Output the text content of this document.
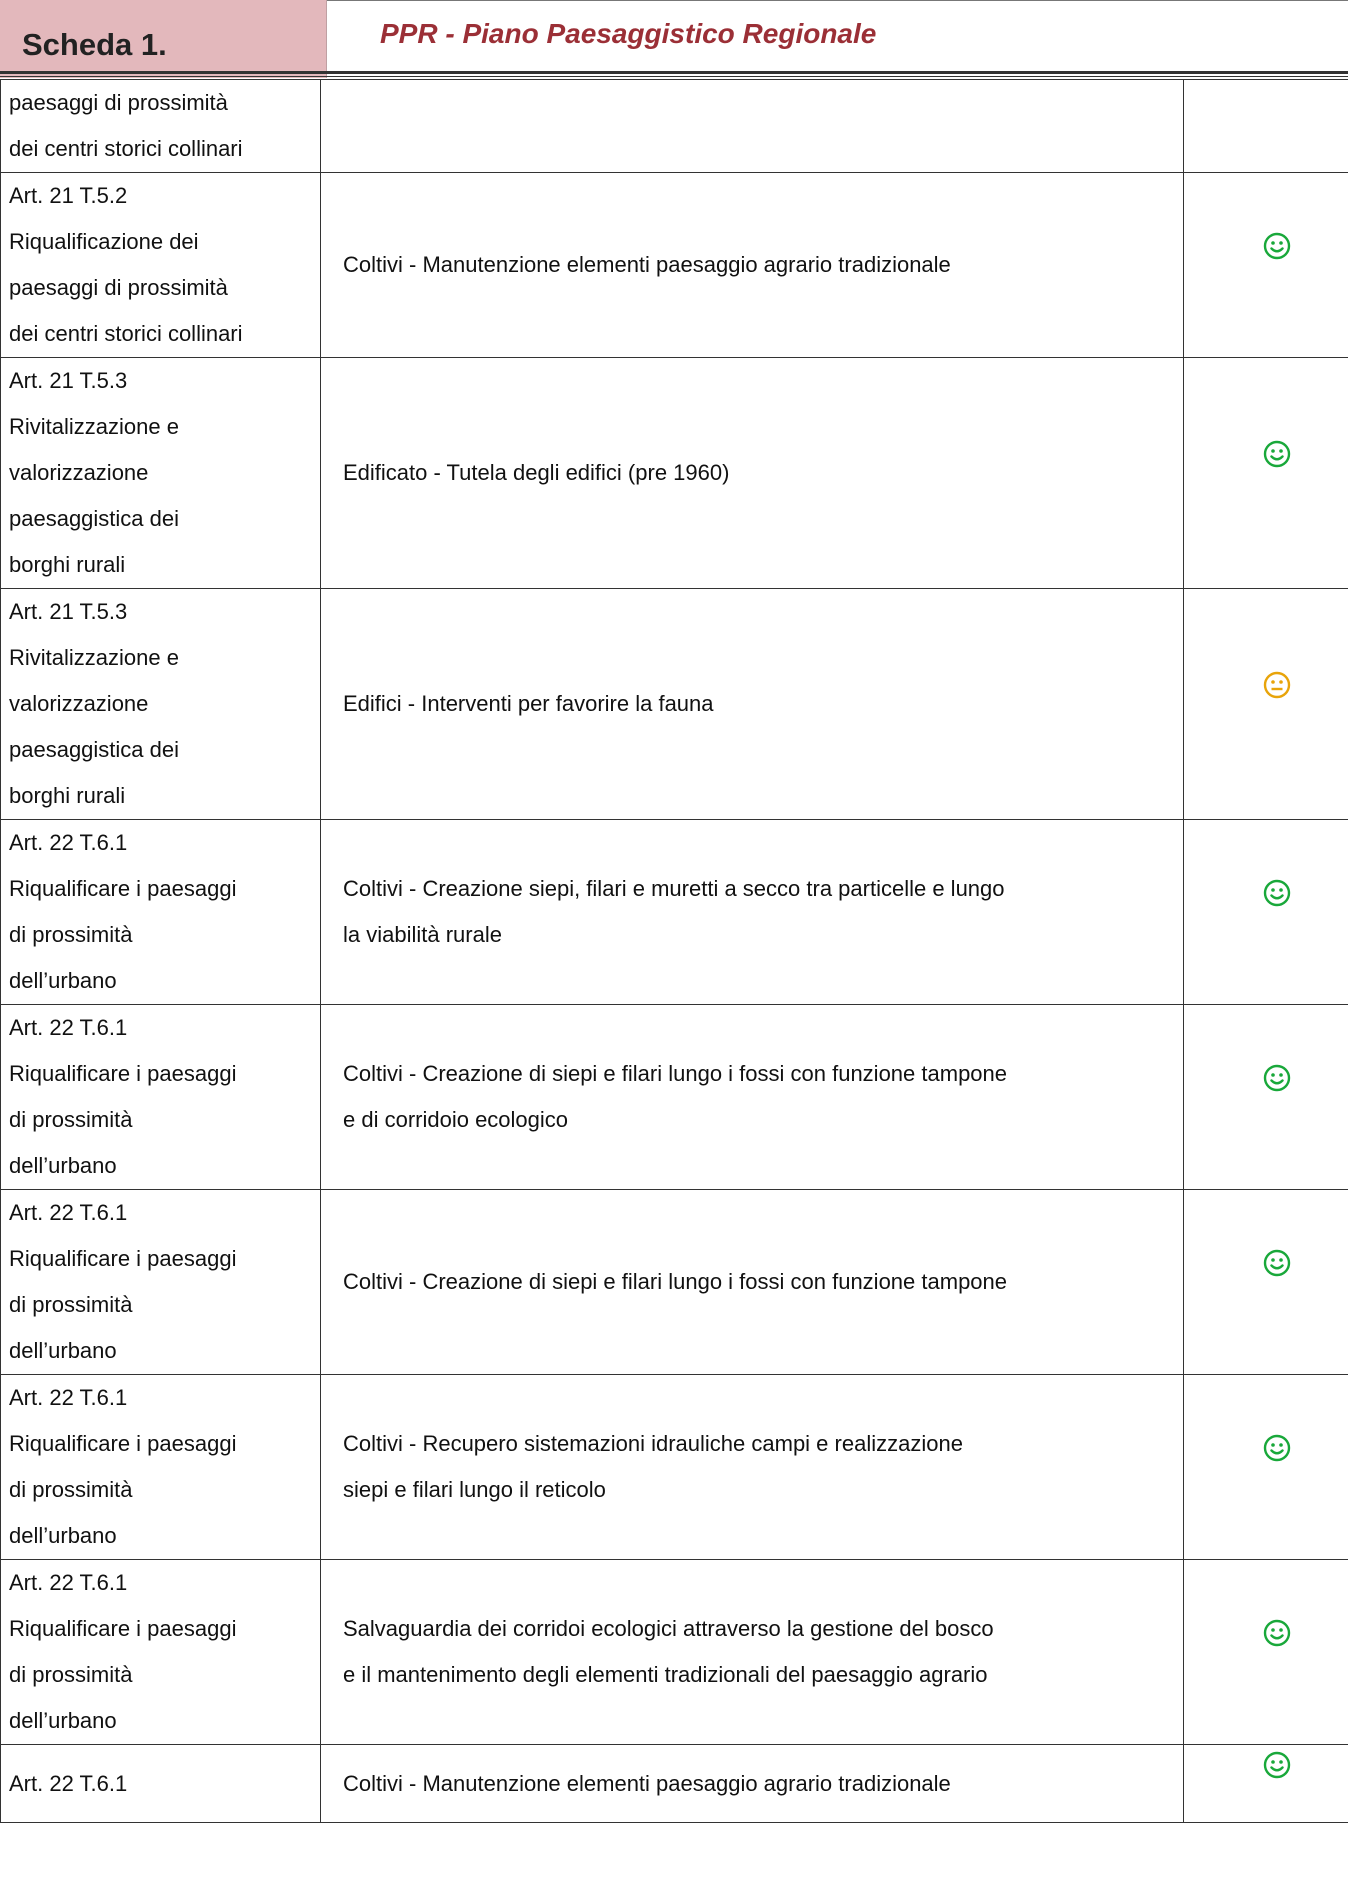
Scheda 1.	PPR - Piano Paesaggistico Regionale
paesaggi di prossimità
dei centri storici collinari		

Art. 21 T.5.2
Riqualificazione dei
paesaggi di prossimità
dei centri storici collinari	Coltivi - Manutenzione elementi paesaggio agrario tradizionale

Art. 21 T.5.3
Rivitalizzazione e
valorizzazione
paesaggistica dei
borghi rurali	Edificato - Tutela degli edifici (pre 1960)

Art. 21 T.5.3
Rivitalizzazione e
valorizzazione
paesaggistica dei
borghi rurali	Edifici - Interventi per favorire la fauna

Art. 22 T.6.1
Riqualificare i paesaggi
di prossimità
dell’urbano	Coltivi - Creazione siepi, filari e muretti a secco tra particelle e lungo
la viabilità rurale

Art. 22 T.6.1
Riqualificare i paesaggi
di prossimità
dell’urbano	Coltivi - Creazione di siepi e filari lungo i fossi con funzione tampone
e di corridoio ecologico

Art. 22 T.6.1
Riqualificare i paesaggi
di prossimità
dell’urbano	Coltivi - Creazione di siepi e filari lungo i fossi con funzione tampone

Art. 22 T.6.1
Riqualificare i paesaggi
di prossimità
dell’urbano	Coltivi - Recupero sistemazioni idrauliche campi e realizzazione
siepi e filari lungo il reticolo

Art. 22 T.6.1
Riqualificare i paesaggi
di prossimità
dell’urbano	Salvaguardia dei corridoi ecologici attraverso la gestione del bosco
e il mantenimento degli elementi tradizionali del paesaggio agrario

Art. 22 T.6.1	Coltivi - Manutenzione elementi paesaggio agrario tradizionale
